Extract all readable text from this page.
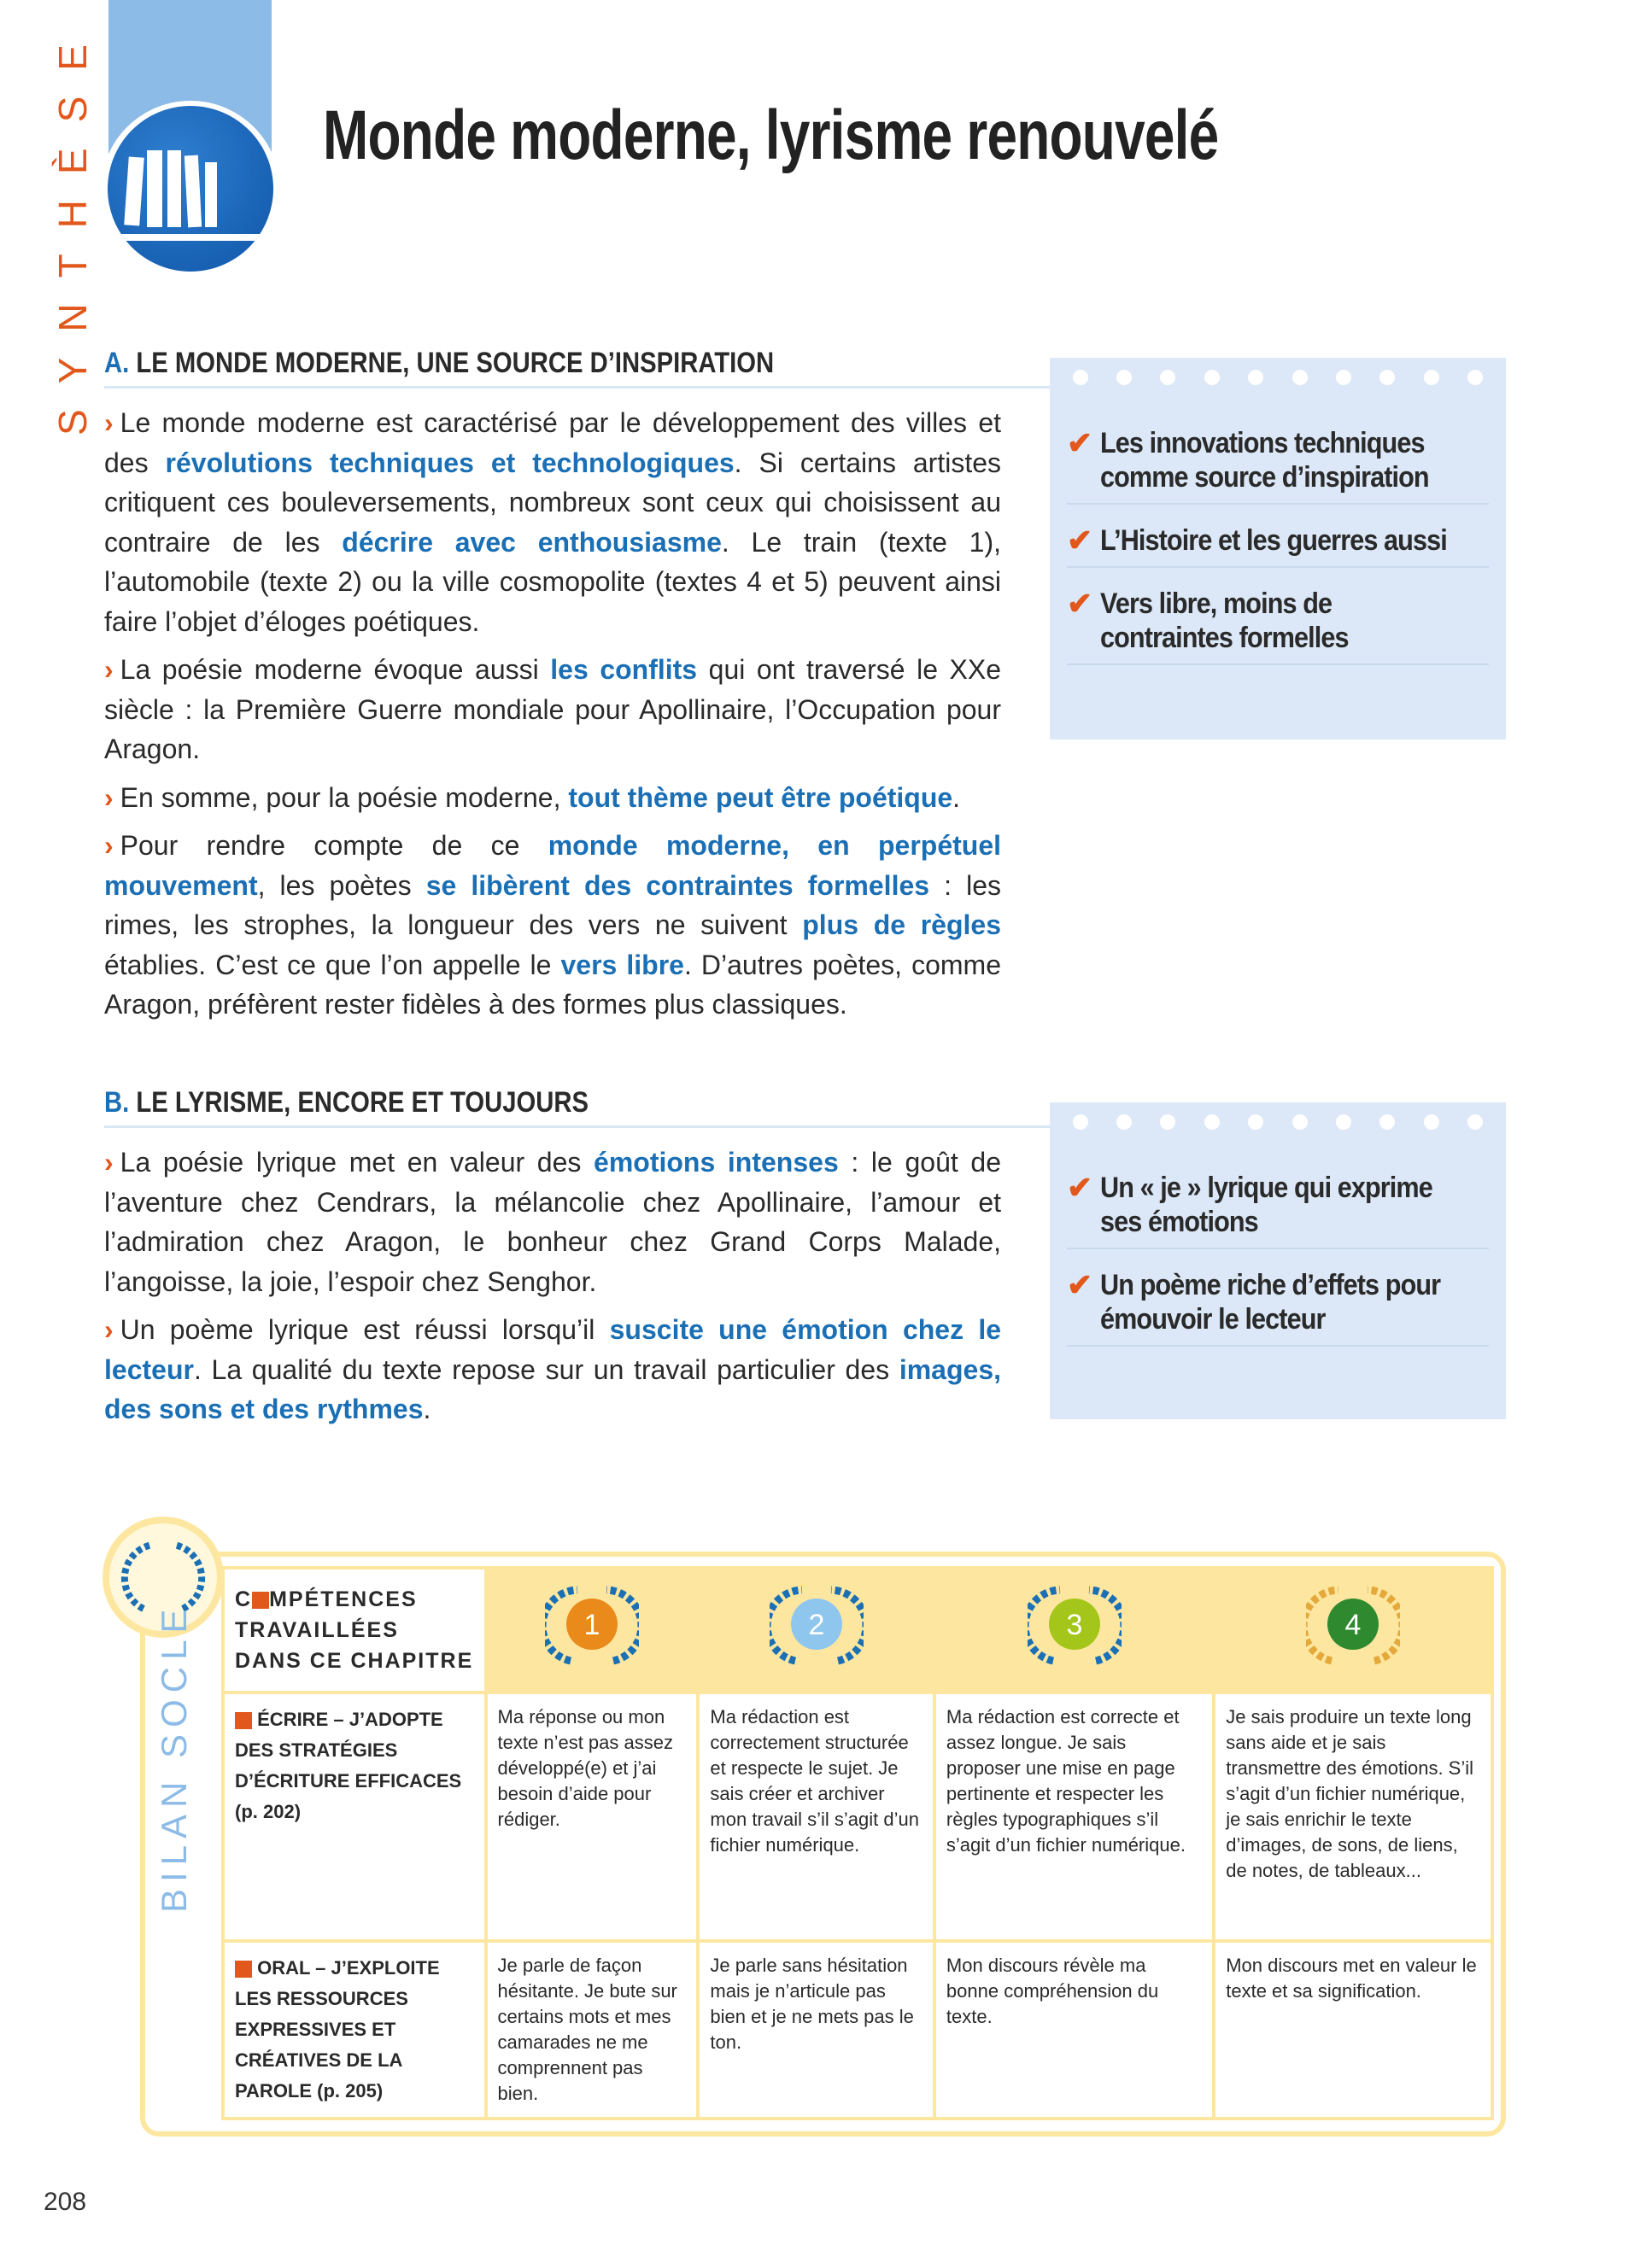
SYNTHÈSE	Monde moderne, lyrisme renouvelé
A. LE MONDE MODERNE, UNE SOURCE D’INSPIRATION

› Le monde moderne est caractérisé par le développement des villes et des révolutions techniques et technologiques. Si certains artistes critiquent ces bouleversements, nombreux sont ceux qui choisissent au contraire de les décrire avec enthousiasme. Le train (texte 1), l’automobile (texte 2) ou la ville cosmopolite (textes 4 et 5) peuvent ainsi faire l’objet d’éloges poétiques.

› La poésie moderne évoque aussi les conflits qui ont traversé le XXe siècle : la Première Guerre mondiale pour Apollinaire, l’Occupation pour Aragon.

› En somme, pour la poésie moderne, tout thème peut être poétique.

› Pour rendre compte de ce monde moderne, en perpétuel mouvement, les poètes se libèrent des contraintes formelles : les rimes, les strophes, la longueur des vers ne suivent plus de règles établies. C’est ce que l’on appelle le vers libre. D’autres poètes, comme Aragon, préfèrent rester fidèles à des formes plus classiques.

✔ Les innovations techniques comme source d’inspiration
✔ L’Histoire et les guerres aussi
✔ Vers libre, moins de contraintes formelles
B. LE LYRISME, ENCORE ET TOUJOURS

› La poésie lyrique met en valeur des émotions intenses : le goût de l’aventure chez Cendrars, la mélancolie chez Apollinaire, l’amour et l’admiration chez Aragon, le bonheur chez Grand Corps Malade, l’angoisse, la joie, l’espoir chez Senghor.

› Un poème lyrique est réussi lorsqu’il suscite une émotion chez le lecteur. La qualité du texte repose sur un travail particulier des images, des sons et des rythmes.

✔ Un « je » lyrique qui exprime ses émotions
✔ Un poème riche d’effets pour émouvoir le lecteur
BILAN SOCLE
C MPÉTENCES TRAVAILLÉES DANS CE CHAPITRE	1	2	3	4

ÉCRIRE – J’ADOPTE DES STRATÉGIES D’ÉCRITURE EFFICACES (p. 202)	Ma réponse ou mon texte n’est pas assez développé(e) et j’ai besoin d’aide pour rédiger.	Ma rédaction est correctement structurée et respecte le sujet. Je sais créer et archiver mon travail s’il s’agit d’un fichier numérique.	Ma rédaction est correcte et assez longue. Je sais proposer une mise en page pertinente et respecter les règles typographiques s’il s’agit d’un fichier numérique.	Je sais produire un texte long sans aide et je sais transmettre des émotions. S’il s’agit d’un fichier numérique, je sais enrichir le texte d’images, de sons, de liens, de notes, de tableaux...
ORAL – J’EXPLOITE LES RESSOURCES EXPRESSIVES ET CRÉATIVES DE LA PAROLE (p. 205)	Je parle de façon hésitante. Je bute sur certains mots et mes camarades ne me comprennent pas bien.	Je parle sans hésitation mais je n’articule pas bien et je ne mets pas le ton.	Mon discours révèle ma bonne compréhension du texte.	Mon discours met en valeur le texte et sa signification.
208
